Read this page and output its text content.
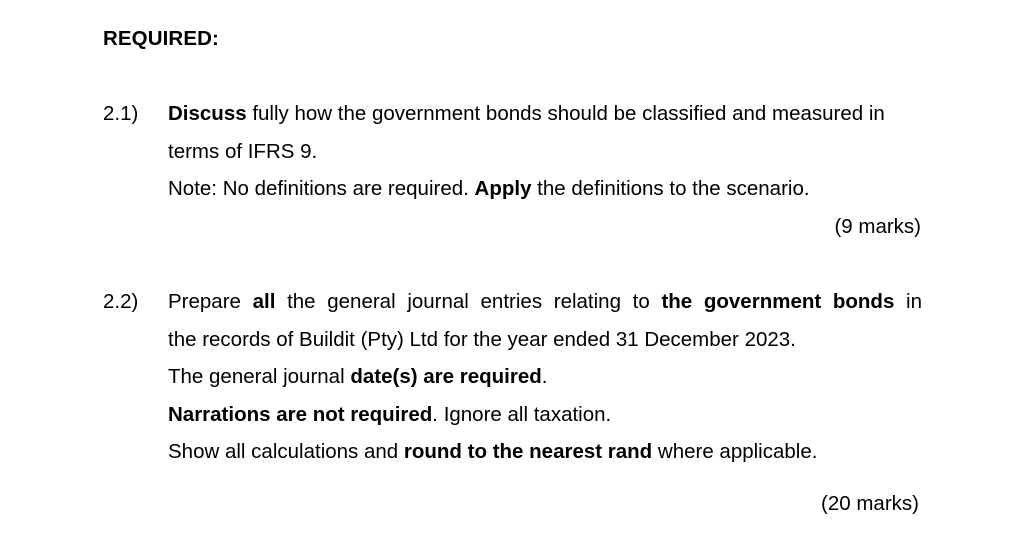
REQUIRED:
2.1) Discuss fully how the government bonds should be classified and measured in
terms of IFRS 9.
Note: No definitions are required. Apply the definitions to the scenario.
(9 marks)
2.2) Prepare all the general journal entries relating to the government bonds in
the records of Buildit (Pty) Ltd for the year ended 31 December 2023.
The general journal date(s) are required.
Narrations are not required. Ignore all taxation.
Show all calculations and round to the nearest rand where applicable.
(20 marks)
